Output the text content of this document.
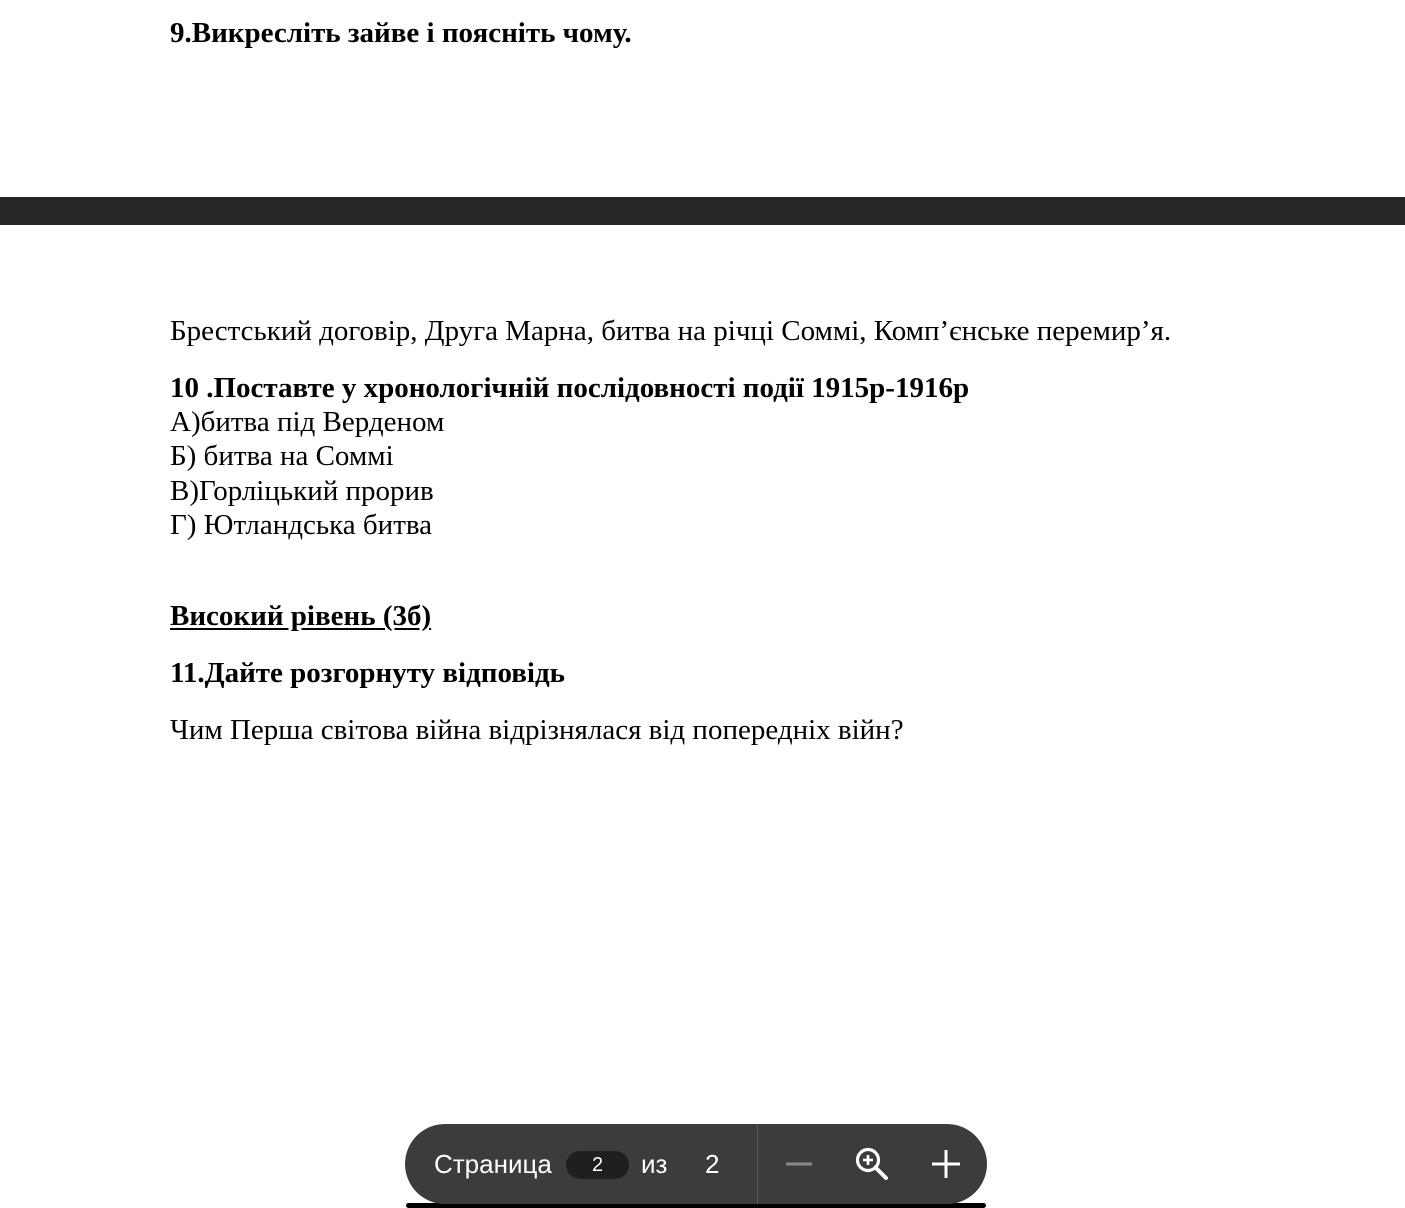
9.Викресліть зайве і поясніть чому.
Брестський договір, Друга Марна, битва на річці Соммі, Комп’єнське перемир’я.
10 .Поставте у хронологічній послідовності події 1915р-1916р
А)битва під Верденом
Б) битва на Соммі
В)Горліцький прорив
Г) Ютландська битва
Високий рівень (3б)
11.Дайте розгорнуту відповідь
Чим Перша світова війна відрізнялася від попередніх війн?
Страница
2	из 2
